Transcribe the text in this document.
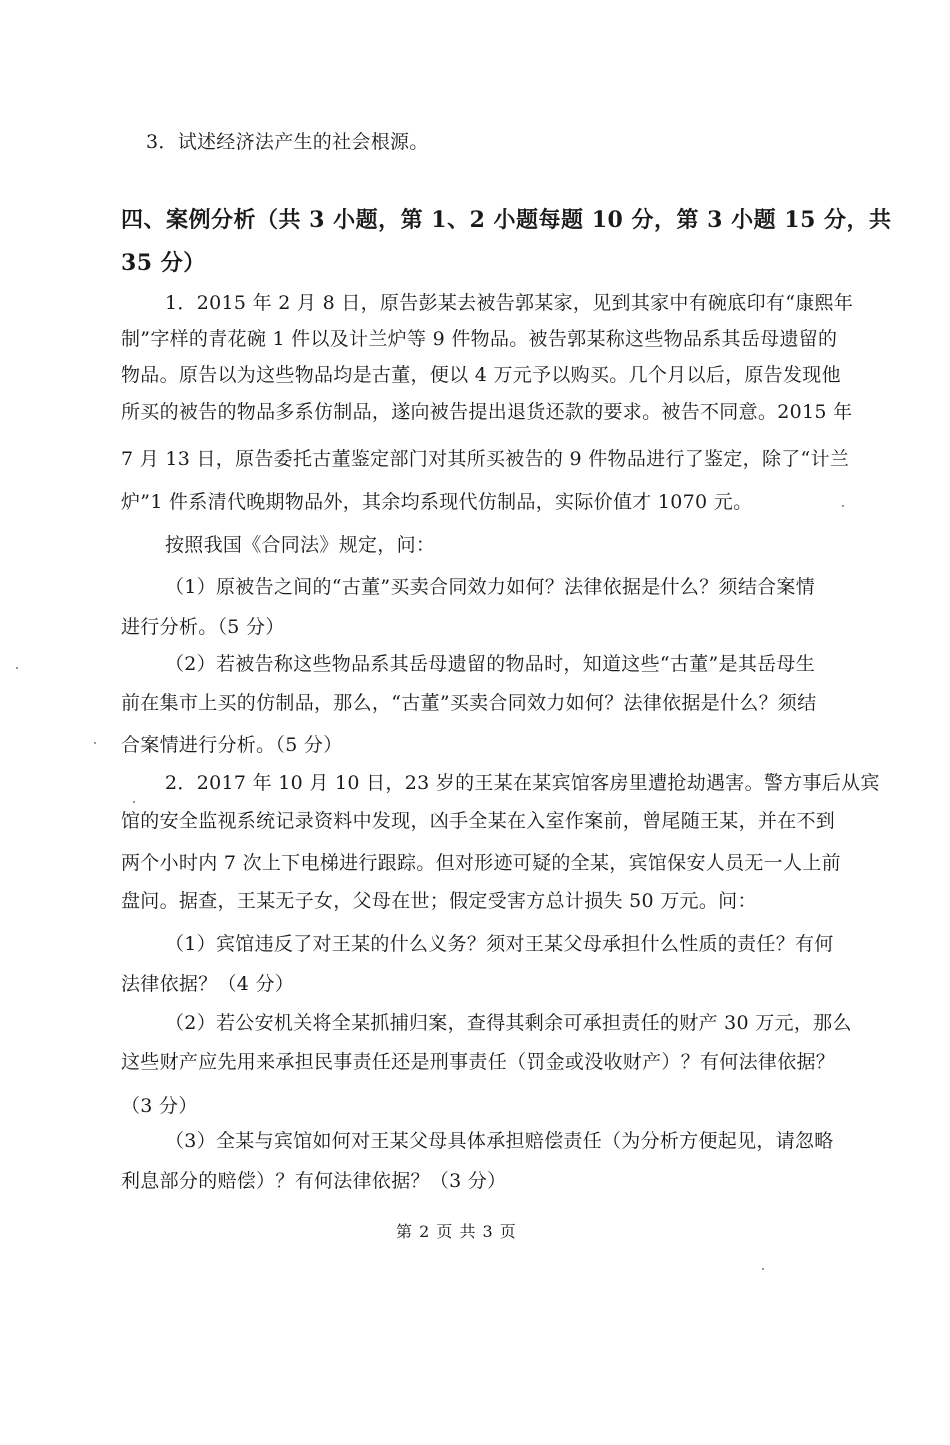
3．试述经济法产生的社会根源。
四、案例分析（共 3 小题，第 1、2 小题每题 10 分，第 3 小题 15 分，共
35 分）
1．2015 年 2 月 8 日，原告彭某去被告郭某家，见到其家中有碗底印有“康熙年
制”字样的青花碗 1 件以及计兰炉等 9 件物品。被告郭某称这些物品系其岳母遗留的
物品。原告以为这些物品均是古董，便以 4 万元予以购买。几个月以后，原告发现他
所买的被告的物品多系仿制品，遂向被告提出退货还款的要求。被告不同意。2015 年
7 月 13 日，原告委托古董鉴定部门对其所买被告的 9 件物品进行了鉴定，除了“计兰
炉”1 件系清代晚期物品外，其余均系现代仿制品，实际价值才 1070 元。
按照我国《合同法》规定，问：
（1）原被告之间的“古董”买卖合同效力如何？法律依据是什么？须结合案情
进行分析。（5 分）
（2）若被告称这些物品系其岳母遗留的物品时，知道这些“古董”是其岳母生
前在集市上买的仿制品，那么，“古董”买卖合同效力如何？法律依据是什么？须结
合案情进行分析。（5 分）
2．2017 年 10 月 10 日，23 岁的王某在某宾馆客房里遭抢劫遇害。警方事后从宾
馆的安全监视系统记录资料中发现，凶手全某在入室作案前，曾尾随王某，并在不到
两个小时内 7 次上下电梯进行跟踪。但对形迹可疑的全某，宾馆保安人员无一人上前
盘问。据查，王某无子女，父母在世；假定受害方总计损失 50 万元。问：
（1）宾馆违反了对王某的什么义务？须对王某父母承担什么性质的责任？有何
法律依据？（4 分）
（2）若公安机关将全某抓捕归案，查得其剩余可承担责任的财产 30 万元，那么
这些财产应先用来承担民事责任还是刑事责任（罚金或没收财产）？有何法律依据？
（3 分）
（3）全某与宾馆如何对王某父母具体承担赔偿责任（为分析方便起见，请忽略
利息部分的赔偿）？有何法律依据？（3 分）
第 2 页 共 3 页
